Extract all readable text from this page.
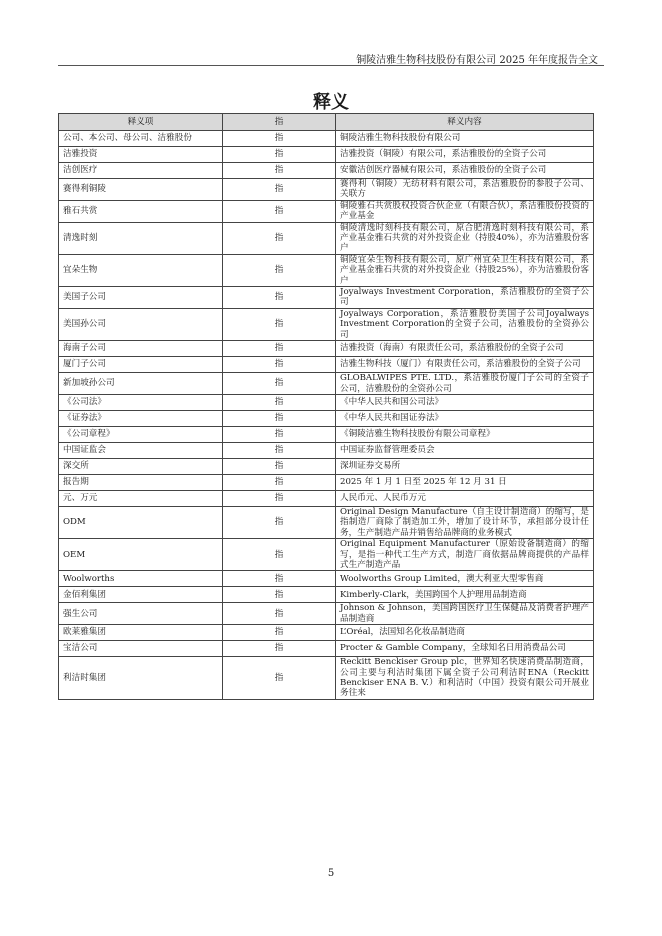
铜陵洁雅生物科技股份有限公司 2025 年年度报告全文
释义
释义项	指	释义内容
公司、本公司、母公司、洁雅股份	指	铜陵洁雅生物科技股份有限公司
洁雅投资	指	洁雅投资（铜陵）有限公司，系洁雅股份的全资子公司
洁创医疗	指	安徽洁创医疗器械有限公司，系洁雅股份的全资子公司
赛得利铜陵	指	赛得利（铜陵）无纺材料有限公司，系洁雅股份的参股子公司、关联方
雅石共赏	指	铜陵雅石共赏股权投资合伙企业（有限合伙），系洁雅股份投资的产业基金
清逸时刻	指	铜陵清逸时刻科技有限公司，原合肥清逸时刻科技有限公司，系产业基金雅石共赏的对外投资企业（持股40%），亦为洁雅股份客户
宜朵生物	指	铜陵宜朵生物科技有限公司，原广州宜朵卫生科技有限公司，系产业基金雅石共赏的对外投资企业（持股25%），亦为洁雅股份客户
美国子公司	指	Joyalways Investment Corporation，系洁雅股份的全资子公司
美国孙公司	指	Joyalways Corporation，系洁雅股份美国子公司Joyalways Investment Corporation的全资子公司，洁雅股份的全资孙公司
海南子公司	指	洁雅投资（海南）有限责任公司，系洁雅股份的全资子公司
厦门子公司	指	洁雅生物科技（厦门）有限责任公司，系洁雅股份的全资子公司
新加坡孙公司	指	GLOBALWIPES PTE. LTD.，系洁雅股份厦门子公司的全资子公司，洁雅股份的全资孙公司
《公司法》	指	《中华人民共和国公司法》
《证券法》	指	《中华人民共和国证券法》
《公司章程》	指	《铜陵洁雅生物科技股份有限公司章程》
中国证监会	指	中国证券监督管理委员会
深交所	指	深圳证券交易所
报告期	指	2025 年 1 月 1 日至 2025 年 12 月 31 日
元、万元	指	人民币元、人民币万元
ODM	指	Original Design Manufacture（自主设计制造商）的缩写，是指制造厂商除了制造加工外，增加了设计环节，承担部分设计任务，生产制造产品并销售给品牌商的业务模式
OEM	指	Original Equipment Manufacturer（原始设备制造商）的缩写，是指一种代工生产方式，制造厂商依据品牌商提供的产品样式生产制造产品
Woolworths	指	Woolworths Group Limited，澳大利亚大型零售商
金佰利集团	指	Kimberly-Clark，美国跨国个人护理用品制造商
强生公司	指	Johnson & Johnson，美国跨国医疗卫生保健品及消费者护理产品制造商
欧莱雅集团	指	L’Oréal，法国知名化妆品制造商
宝洁公司	指	Procter & Gamble Company，全球知名日用消费品公司
利洁时集团	指	Reckitt Benckiser Group plc，世界知名快速消费品制造商，公司主要与利洁时集团下属全资子公司利洁时ENA（Reckitt Benckiser ENA B. V.）和利洁时（中国）投资有限公司开展业务往来
5
